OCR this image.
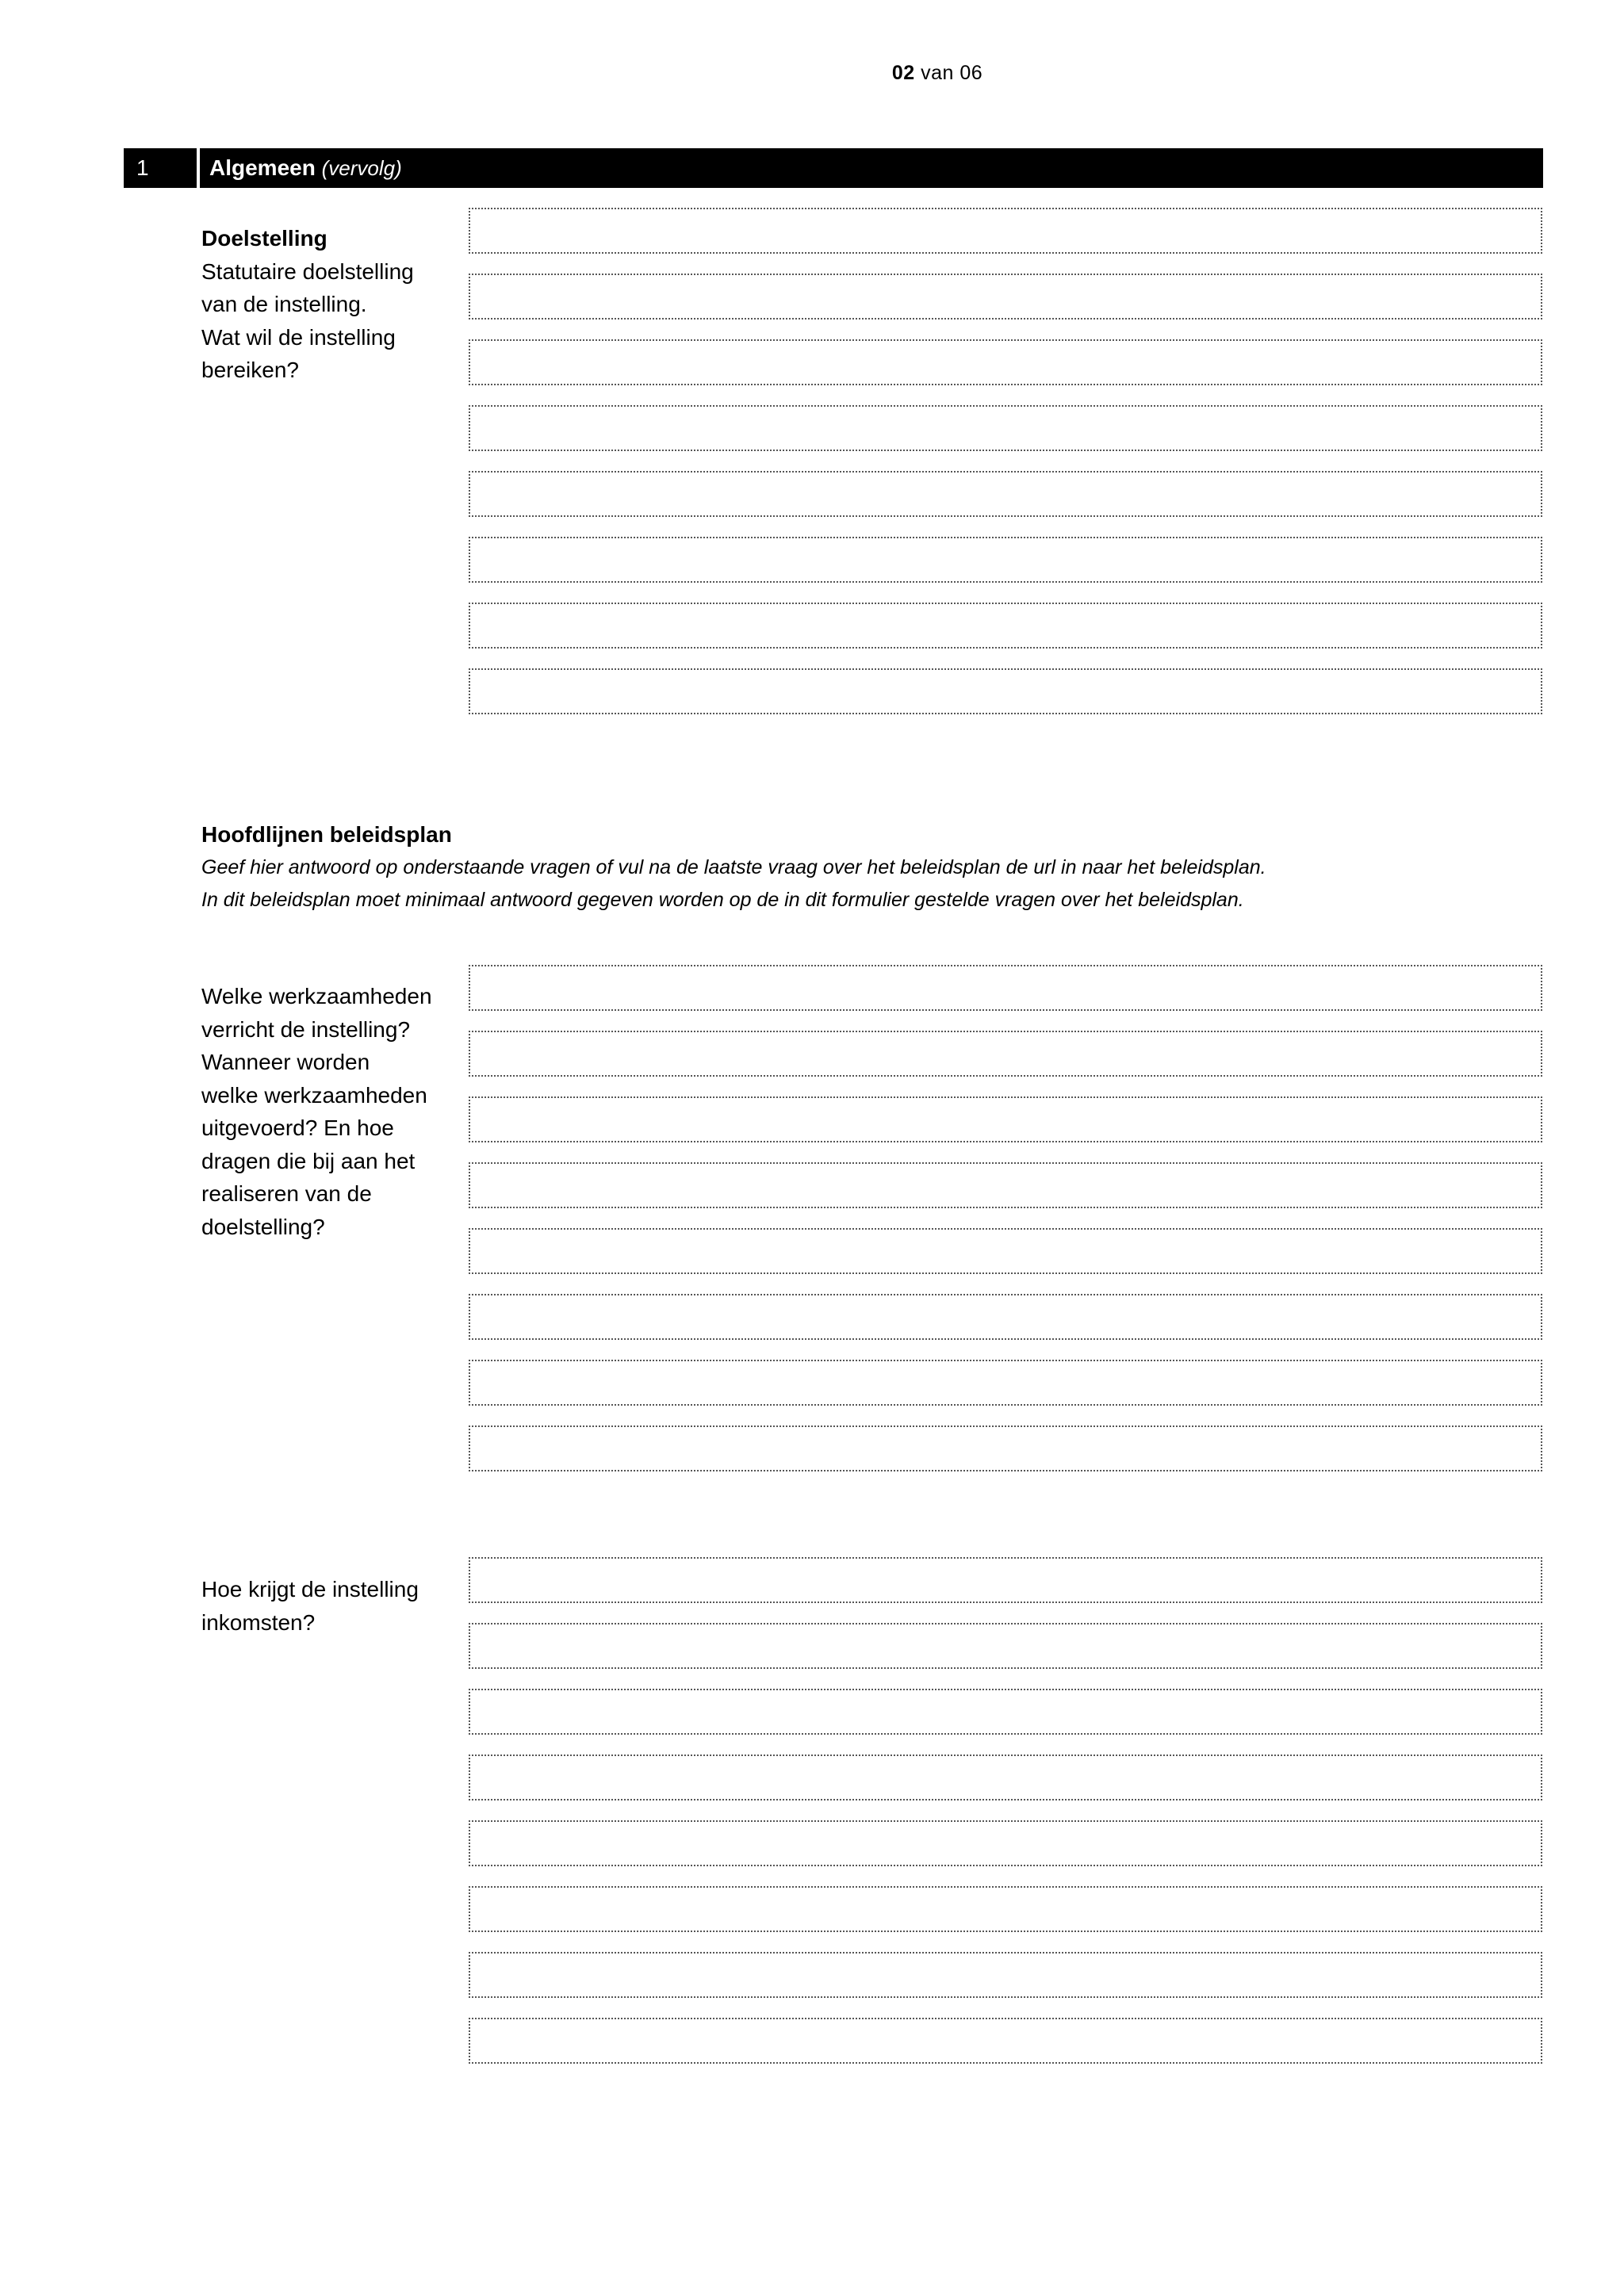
02 van 06
1	Algemeen (vervolg)
Doelstelling
Statutaire doelstelling
van de instelling.
Wat wil de instelling
bereiken?
Hoofdlijnen beleidsplan
Geef hier antwoord op onderstaande vragen of vul na de laatste vraag over het beleidsplan de url in naar het beleidsplan.
In dit beleidsplan moet minimaal antwoord gegeven worden op de in dit formulier gestelde vragen over het beleidsplan.
Welke werkzaamheden
verricht de instelling?
Wanneer worden
welke werkzaamheden
uitgevoerd? En hoe
dragen die bij aan het
realiseren van de
doelstelling?
Hoe krijgt de instelling
inkomsten?
